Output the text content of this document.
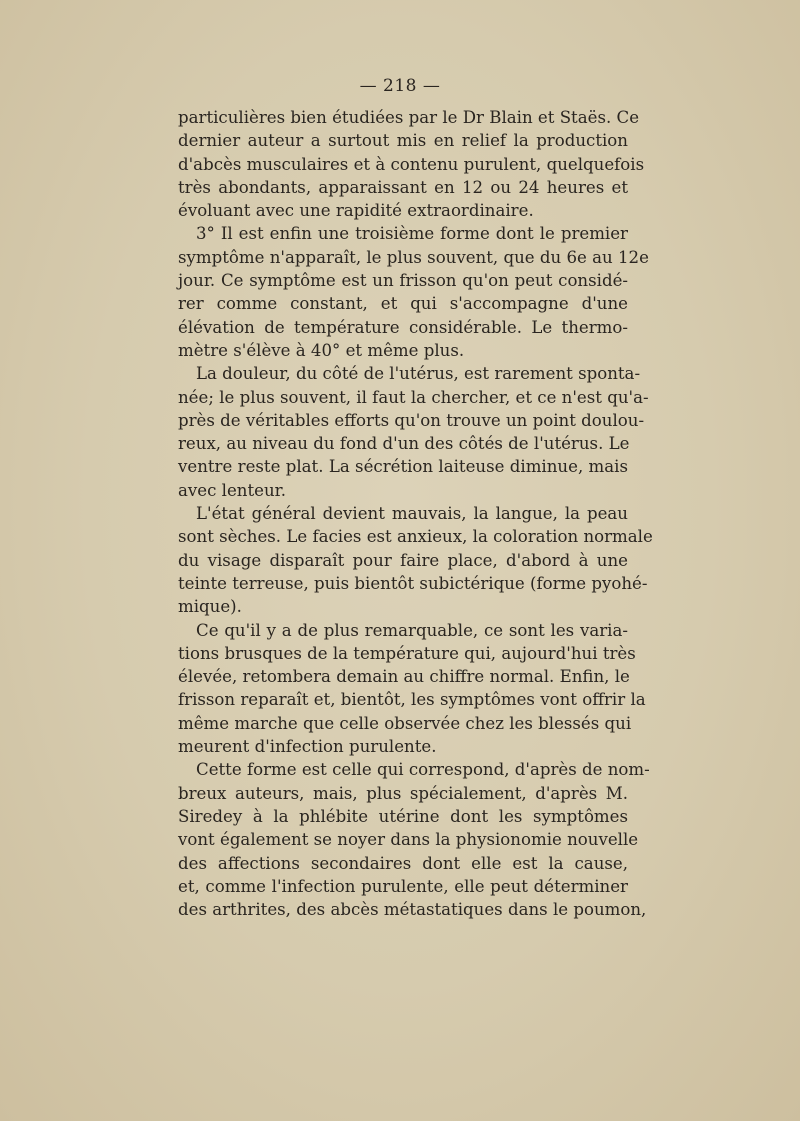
— 218 —
particulières bien étudiées par le Dr Blain et Staës. Ce
dernier auteur a surtout mis en relief la production
d'abcès musculaires et à contenu purulent, quelquefois
très abondants, apparaissant en 12 ou 24 heures et
évoluant avec une rapidité extraordinaire.
3° Il est enfin une troisième forme dont le premier
symptôme n'apparaît, le plus souvent, que du 6e au 12e
jour. Ce symptôme est un frisson qu'on peut considé-
rer comme constant, et qui s'accompagne d'une
élévation de température considérable. Le thermo-
mètre s'élève à 40° et même plus.
La douleur, du côté de l'utérus, est rarement sponta-
née; le plus souvent, il faut la chercher, et ce n'est qu'a-
près de véritables efforts qu'on trouve un point doulou-
reux, au niveau du fond d'un des côtés de l'utérus. Le
ventre reste plat. La sécrétion laiteuse diminue, mais
avec lenteur.
L'état général devient mauvais, la langue, la peau
sont sèches. Le facies est anxieux, la coloration normale
du visage disparaît pour faire place, d'abord à une
teinte terreuse, puis bientôt subictérique (forme pyohé-
mique).
Ce qu'il y a de plus remarquable, ce sont les varia-
tions brusques de la température qui, aujourd'hui très
élevée, retombera demain au chiffre normal. Enfin, le
frisson reparaît et, bientôt, les symptômes vont offrir la
même marche que celle observée chez les blessés qui
meurent d'infection purulente.
Cette forme est celle qui correspond, d'après de nom-
breux auteurs, mais, plus spécialement, d'après M.
Siredey à la phlébite utérine dont les symptômes
vont également se noyer dans la physionomie nouvelle
des affections secondaires dont elle est la cause,
et, comme l'infection purulente, elle peut déterminer
des arthrites, des abcès métastatiques dans le poumon,
